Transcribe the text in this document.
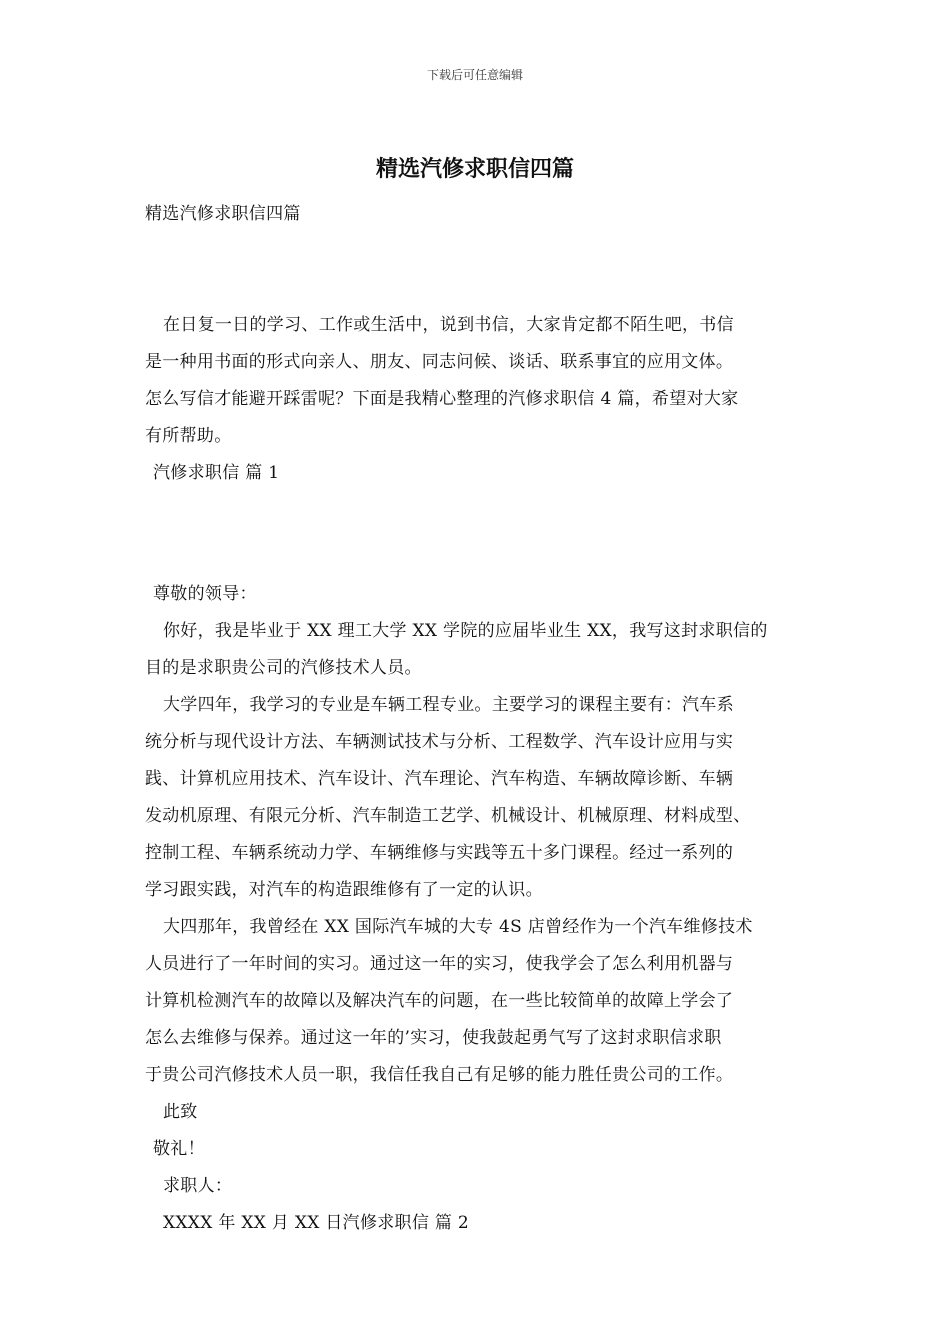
下载后可任意编辑
精选汽修求职信四篇
精选汽修求职信四篇
在日复一日的学习、工作或生活中，说到书信，大家肯定都不陌生吧，书信
是一种用书面的形式向亲人、朋友、同志问候、谈话、联系事宜的应用文体。
怎么写信才能避开踩雷呢？下面是我精心整理的汽修求职信 4 篇，希望对大家
有所帮助。
汽修求职信 篇 1
尊敬的领导：
你好，我是毕业于 XX 理工大学 XX 学院的应届毕业生 XX，我写这封求职信的
目的是求职贵公司的汽修技术人员。
大学四年，我学习的专业是车辆工程专业。主要学习的课程主要有：汽车系
统分析与现代设计方法、车辆测试技术与分析、工程数学、汽车设计应用与实
践、计算机应用技术、汽车设计、汽车理论、汽车构造、车辆故障诊断、车辆
发动机原理、有限元分析、汽车制造工艺学、机械设计、机械原理、材料成型、
控制工程、车辆系统动力学、车辆维修与实践等五十多门课程。经过一系列的
学习跟实践，对汽车的构造跟维修有了一定的认识。
大四那年，我曾经在 XX 国际汽车城的大专 4S 店曾经作为一个汽车维修技术
人员进行了一年时间的实习。通过这一年的实习，使我学会了怎么利用机器与
计算机检测汽车的故障以及解决汽车的问题，在一些比较简单的故障上学会了
怎么去维修与保养。通过这一年的’实习，使我鼓起勇气写了这封求职信求职
于贵公司汽修技术人员一职，我信任我自己有足够的能力胜任贵公司的工作。
此致
敬礼！
求职人：
XXXX 年 XX 月 XX 日汽修求职信 篇 2
